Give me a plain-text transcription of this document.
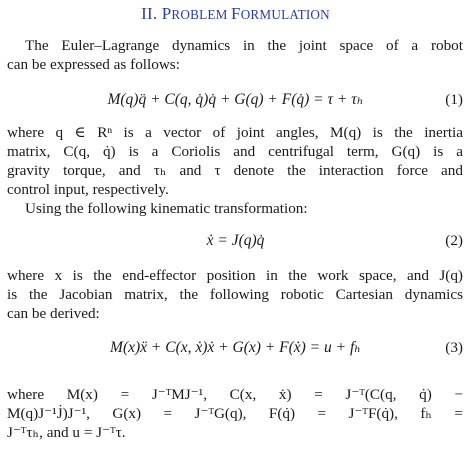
II. PROBLEM FORMULATION
The Euler–Lagrange dynamics in the joint space of a robot
can be expressed as follows:
M(q)q̈ + C(q, q̇)q̇ + G(q) + F(q̇) = τ + τₕ	(1)
where q ∈ Rⁿ is a vector of joint angles, M(q) is the inertia
matrix, C(q, q̇) is a Coriolis and centrifugal term, G(q) is a
gravity torque, and τₕ and τ denote the interaction force and
control input, respectively.
Using the following kinematic transformation:
ẋ = J(q)q̇	(2)
where x is the end-effector position in the work space, and J(q)
is the Jacobian matrix, the following robotic Cartesian dynamics
can be derived:
M(x)ẍ + C(x, ẋ)ẋ + G(x) + F(ẋ) = u + fₕ	(3)
where M(x) = J⁻ᵀMJ⁻¹, C(x, ẋ) = J⁻ᵀ(C(q, q̇) −
M(q)J⁻¹J̇)J⁻¹, G(x) = J⁻ᵀG(q), F(q̇) = J⁻ᵀF(q̇), fₕ =
J⁻ᵀτₕ, and u = J⁻ᵀτ.
